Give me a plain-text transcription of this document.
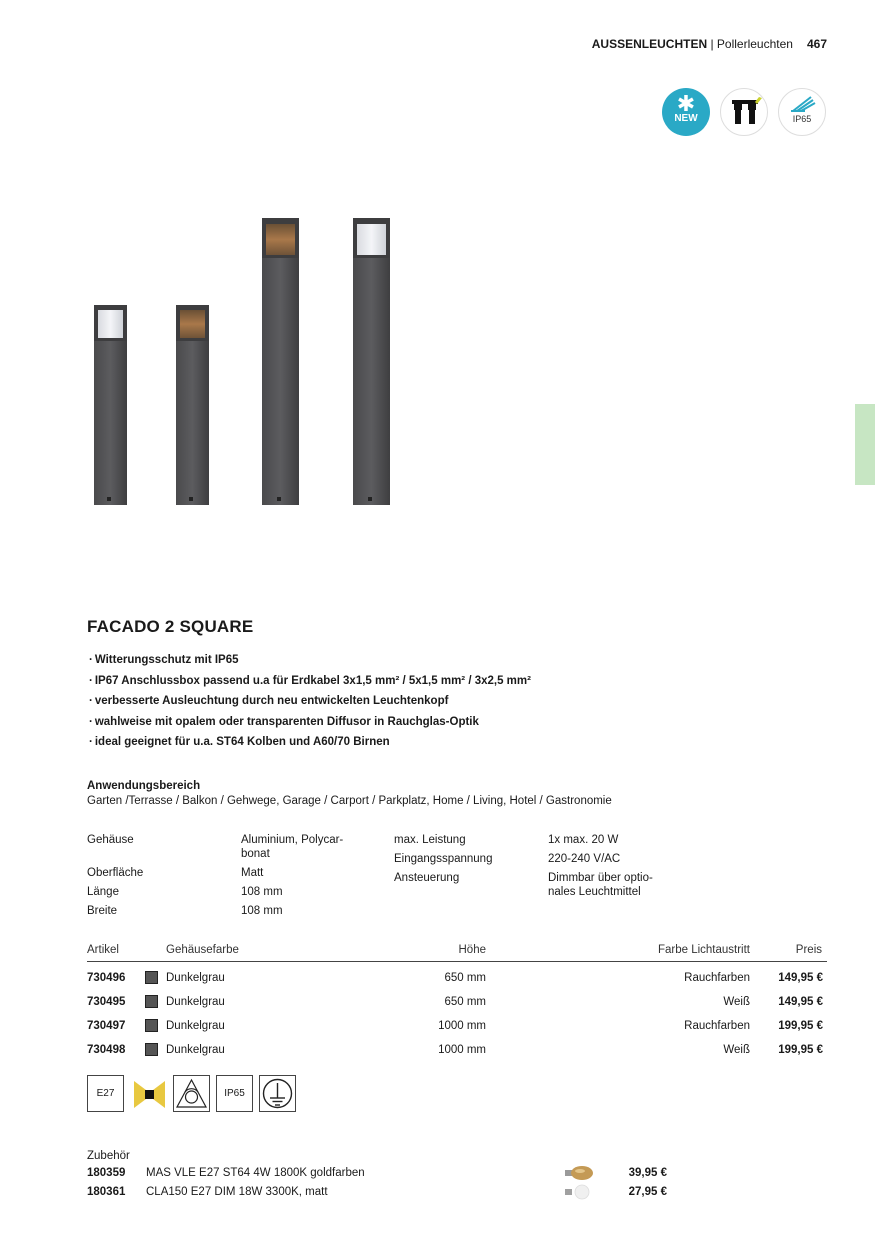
AUSSENLEUCHTEN | Pollerleuchten 467
✱
NEW	IP65
FACADO 2 SQUARE
· Witterungsschutz mit IP65
· IP67 Anschlussbox passend u.a für Erdkabel 3x1,5 mm² / 5x1,5 mm² / 3x2,5 mm²
· verbesserte Ausleuchtung durch neu entwickelten Leuchtenkopf
· wahlweise mit opalem oder transparenten Diffusor in Rauchglas-Optik
· ideal geeignet für u.a. ST64 Kolben und A60/70 Birnen
Anwendungsbereich
Garten /Terrasse / Balkon / Gehwege, Garage / Carport / Parkplatz, Home / Living, Hotel / Gastronomie
Gehäuse	Aluminium, Polycar-
bonat
Oberfläche	Matt
Länge	108 mm
Breite	108 mm
max. Leistung	1x max. 20 W
Eingangsspannung	220-240 V/AC
Ansteuerung	Dimmbar über optio-
nales Leuchtmittel
Artikel	Gehäusefarbe	Höhe	Farbe Lichtaustritt	Preis
730496	Dunkelgrau	650 mm	Rauchfarben 149,95 €
730495	Dunkelgrau	650 mm	Weiß 149,95 €
730497	Dunkelgrau	1000 mm	Rauchfarben 199,95 €
730498	Dunkelgrau	1000 mm	Weiß 199,95 €
E27	IP65
Zubehör
180359 MAS VLE E27 ST64 4W 1800K goldfarben	39,95 €
180361 CLA150 E27 DIM 18W 3300K, matt	27,95 €
